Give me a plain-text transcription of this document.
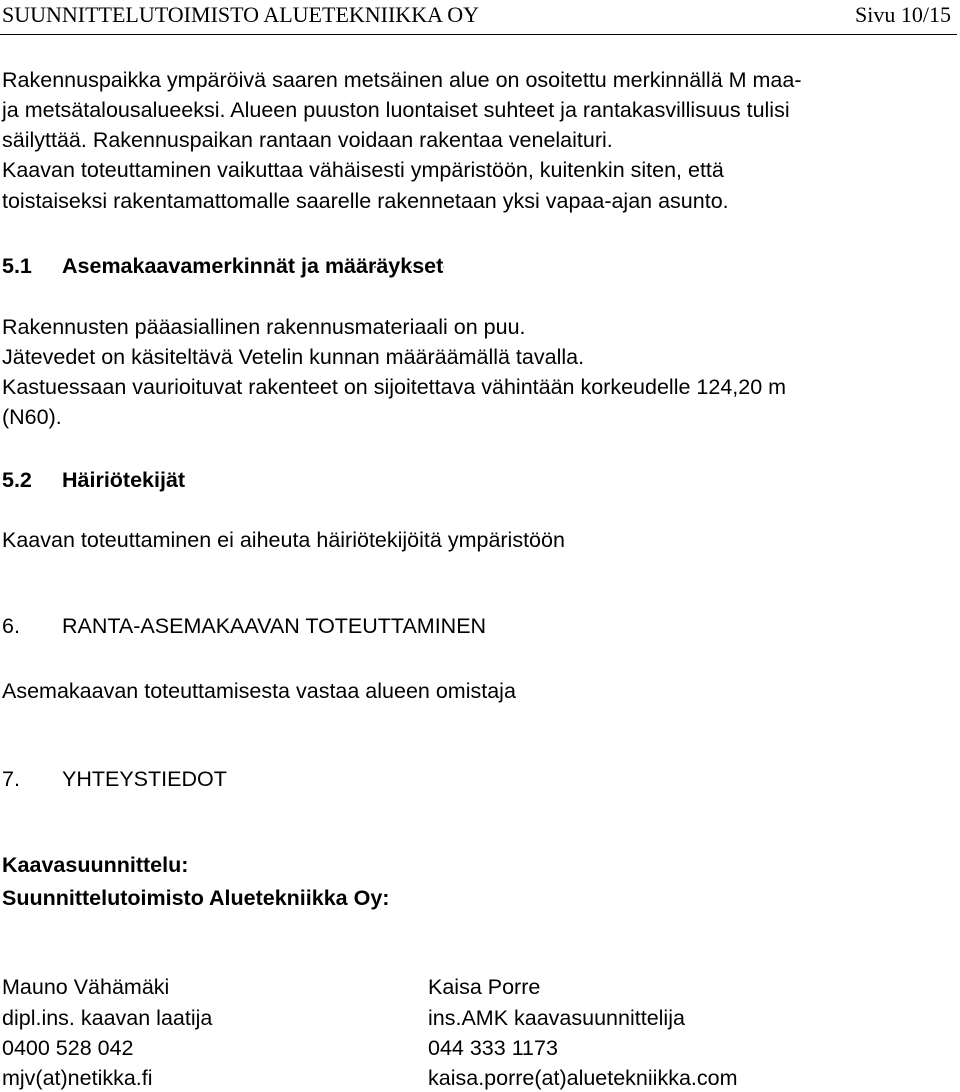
SUUNNITTELUTOIMISTO ALUETEKNIIKKA OY	Sivu 10/15
Rakennuspaikka ympäröivä saaren metsäinen alue on osoitettu merkinnällä M maa-
ja metsätalousalueeksi. Alueen puuston luontaiset suhteet ja rantakasvillisuus tulisi
säilyttää. Rakennuspaikan rantaan voidaan rakentaa venelaituri.
Kaavan toteuttaminen vaikuttaa vähäisesti ympäristöön, kuitenkin siten, että
toistaiseksi rakentamattomalle saarelle rakennetaan yksi vapaa-ajan asunto.
5.1 Asemakaavamerkinnät ja määräykset
Rakennusten pääasiallinen rakennusmateriaali on puu.
Jätevedet on käsiteltävä Vetelin kunnan määräämällä tavalla.
Kastuessaan vaurioituvat rakenteet on sijoitettava vähintään korkeudelle 124,20 m
(N60).
5.2 Häiriötekijät
Kaavan toteuttaminen ei aiheuta häiriötekijöitä ympäristöön
6. RANTA-ASEMAKAAVAN TOTEUTTAMINEN
Asemakaavan toteuttamisesta vastaa alueen omistaja
7. YHTEYSTIEDOT
Kaavasuunnittelu:
Suunnittelutoimisto Aluetekniikka Oy:
Mauno Vähämäki
dipl.ins. kaavan laatija
0400 528 042
mjv(at)netikka.fi
Kaisa Porre
ins.AMK kaavasuunnittelija
044 333 1173
kaisa.porre(at)aluetekniikka.com
